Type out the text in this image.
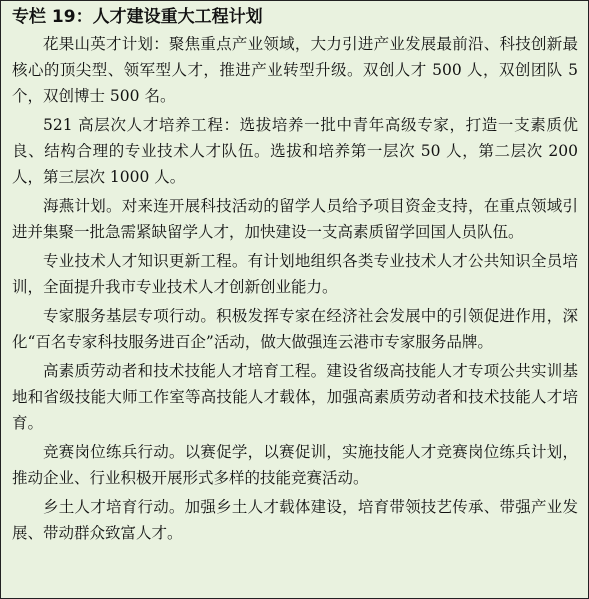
专栏 19：人才建设重大工程计划

花果山英才计划：聚焦重点产业领域，大力引进产业发展最前沿、科技创新最核心的顶尖型、领军型人才，推进产业转型升级。双创人才 500 人，双创团队 5 个，双创博士 500 名。

521 高层次人才培养工程：选拔培养一批中青年高级专家，打造一支素质优良、结构合理的专业技术人才队伍。选拔和培养第一层次 50 人，第二层次 200 人，第三层次 1000 人。

海燕计划。对来连开展科技活动的留学人员给予项目资金支持，在重点领域引进并集聚一批急需紧缺留学人才，加快建设一支高素质留学回国人员队伍。

专业技术人才知识更新工程。有计划地组织各类专业技术人才公共知识全员培训，全面提升我市专业技术人才创新创业能力。

专家服务基层专项行动。积极发挥专家在经济社会发展中的引领促进作用，深化“百名专家科技服务进百企”活动，做大做强连云港市专家服务品牌。

高素质劳动者和技术技能人才培育工程。建设省级高技能人才专项公共实训基地和省级技能大师工作室等高技能人才载体，加强高素质劳动者和技术技能人才培育。

竞赛岗位练兵行动。以赛促学，以赛促训，实施技能人才竞赛岗位练兵计划，推动企业、行业积极开展形式多样的技能竞赛活动。

乡土人才培育行动。加强乡土人才载体建设，培育带领技艺传承、带强产业发展、带动群众致富人才。
